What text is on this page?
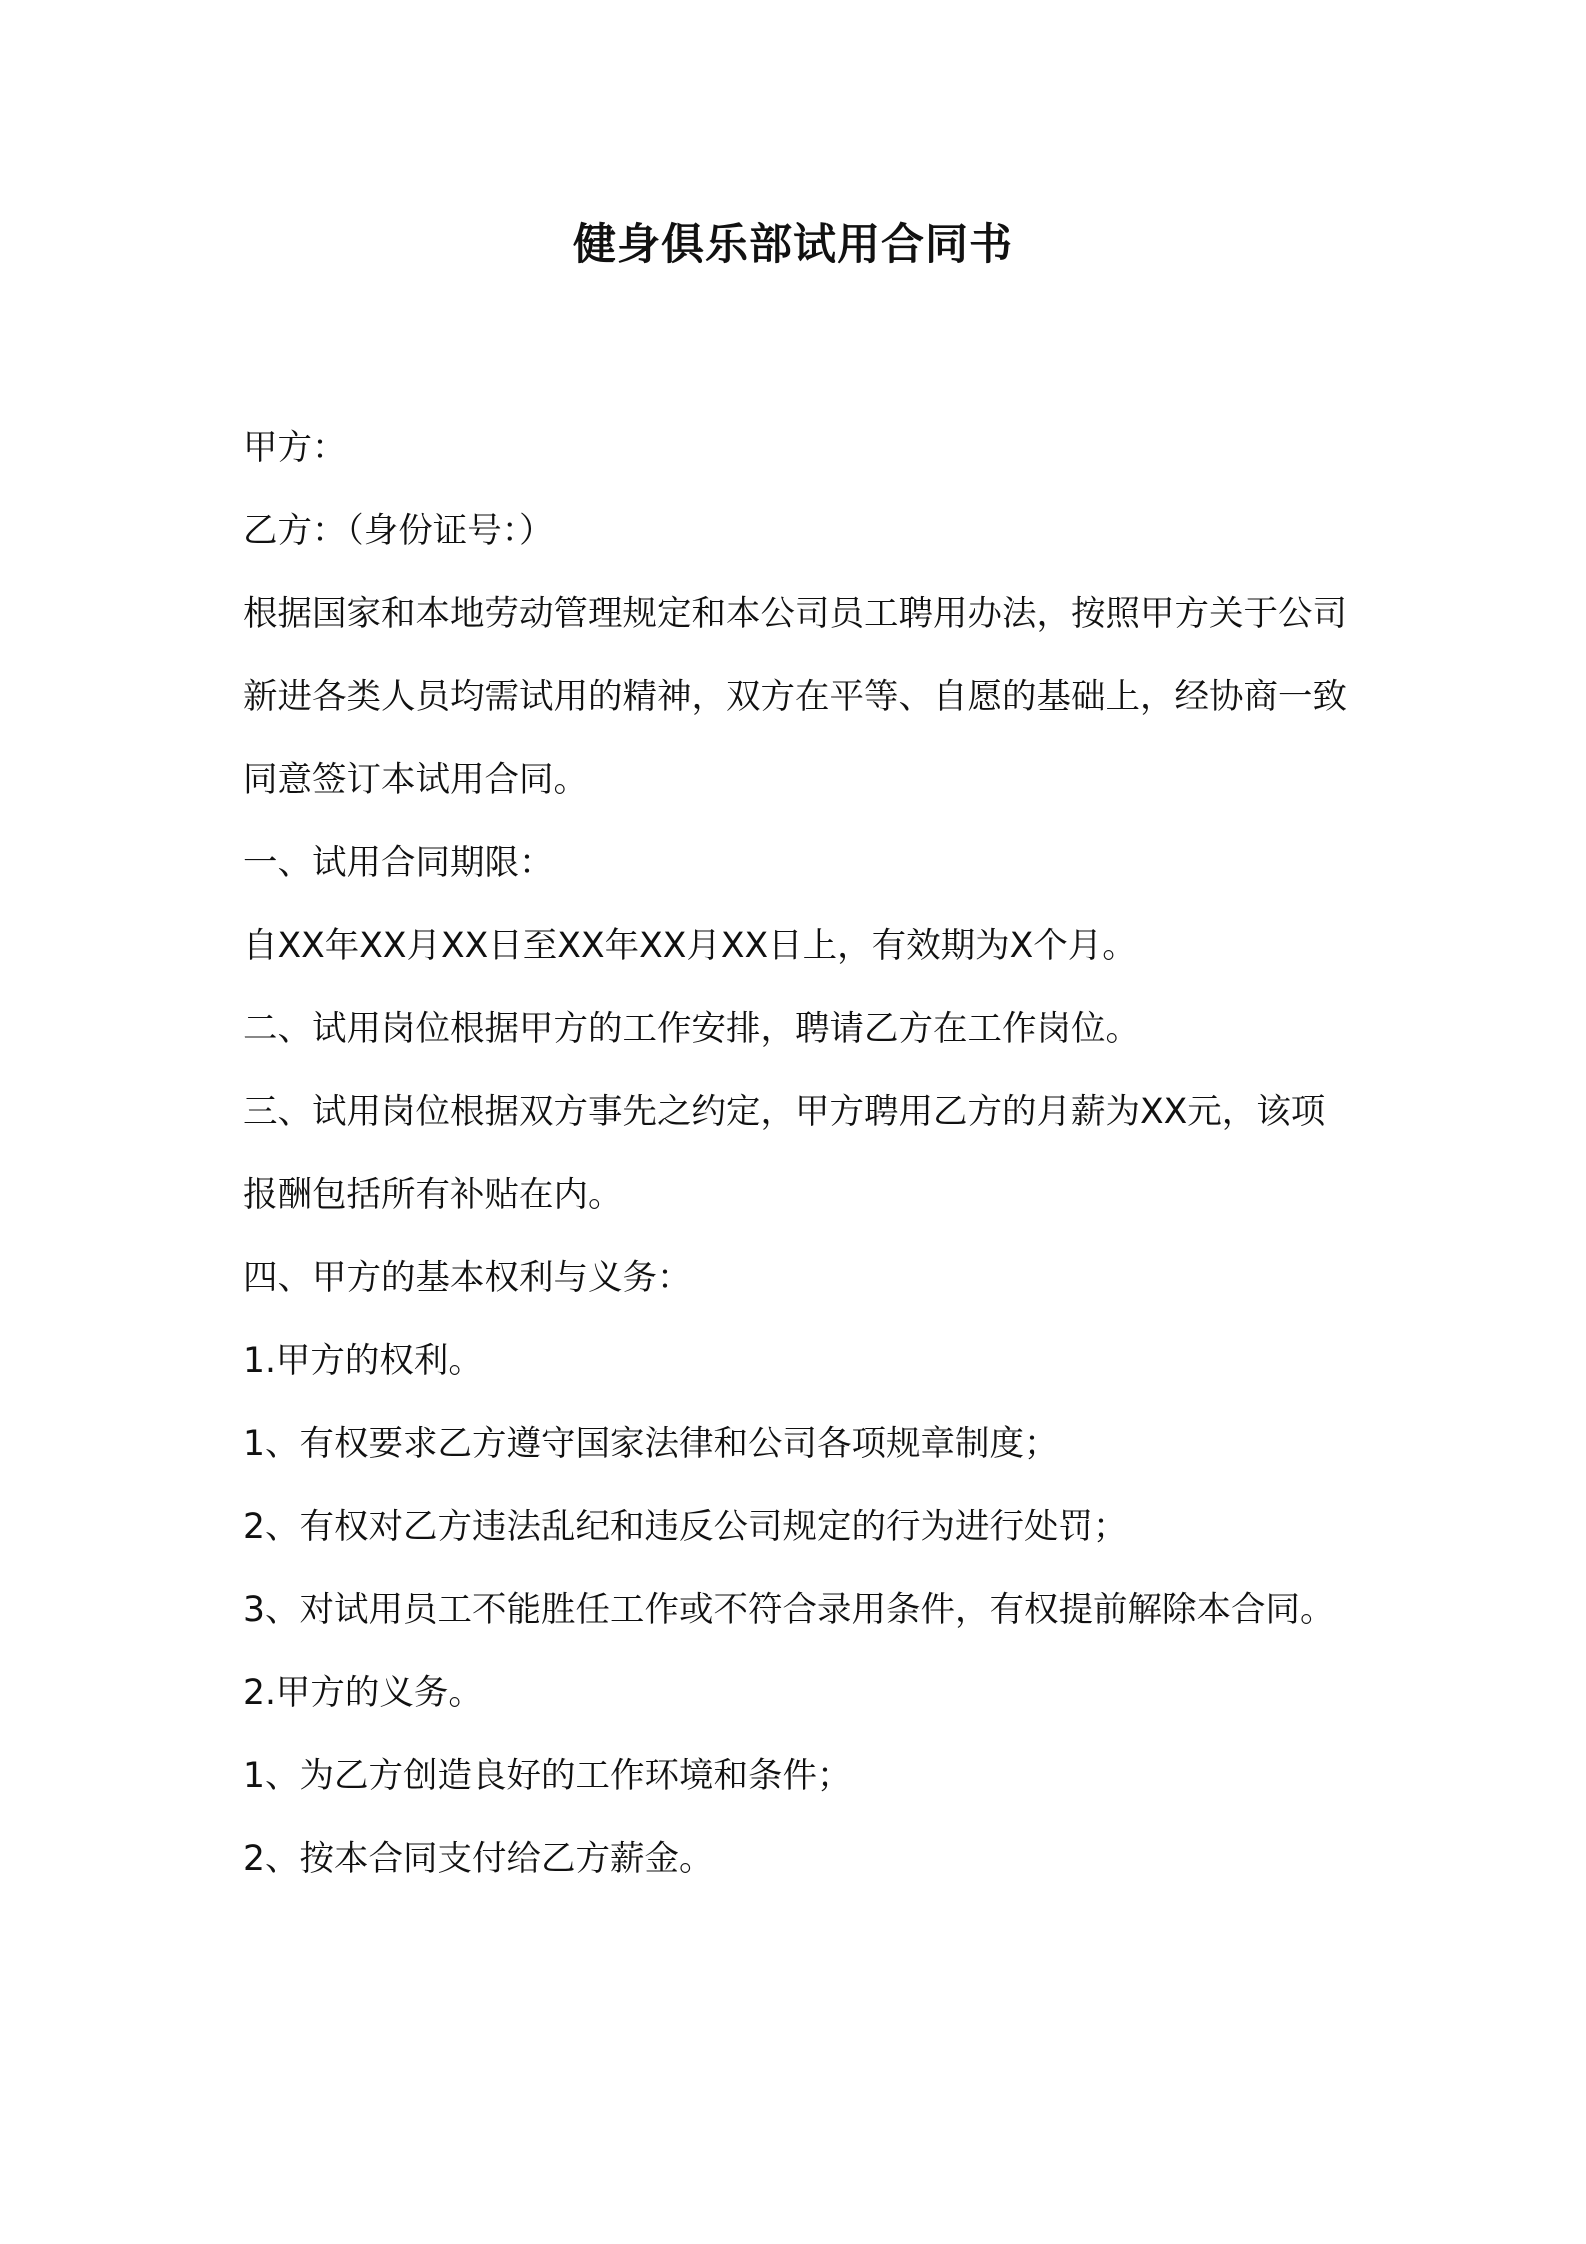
健身俱乐部试用合同书

甲方：

乙方：（身份证号：）

根据国家和本地劳动管理规定和本公司员工聘用办法，按照甲方关于公司新进各类人员均需试用的精神，双方在平等、自愿的基础上，经协商一致同意签订本试用合同。

一、试用合同期限：

自XX年XX月XX日至XX年XX月XX日上，有效期为X个月。

二、试用岗位根据甲方的工作安排，聘请乙方在工作岗位。

三、试用岗位根据双方事先之约定，甲方聘用乙方的月薪为XX元，该项报酬包括所有补贴在内。

四、甲方的基本权利与义务：

1.甲方的权利。

1、有权要求乙方遵守国家法律和公司各项规章制度；

2、有权对乙方违法乱纪和违反公司规定的行为进行处罚；

3、对试用员工不能胜任工作或不符合录用条件，有权提前解除本合同。

2.甲方的义务。

1、为乙方创造良好的工作环境和条件；

2、按本合同支付给乙方薪金。
